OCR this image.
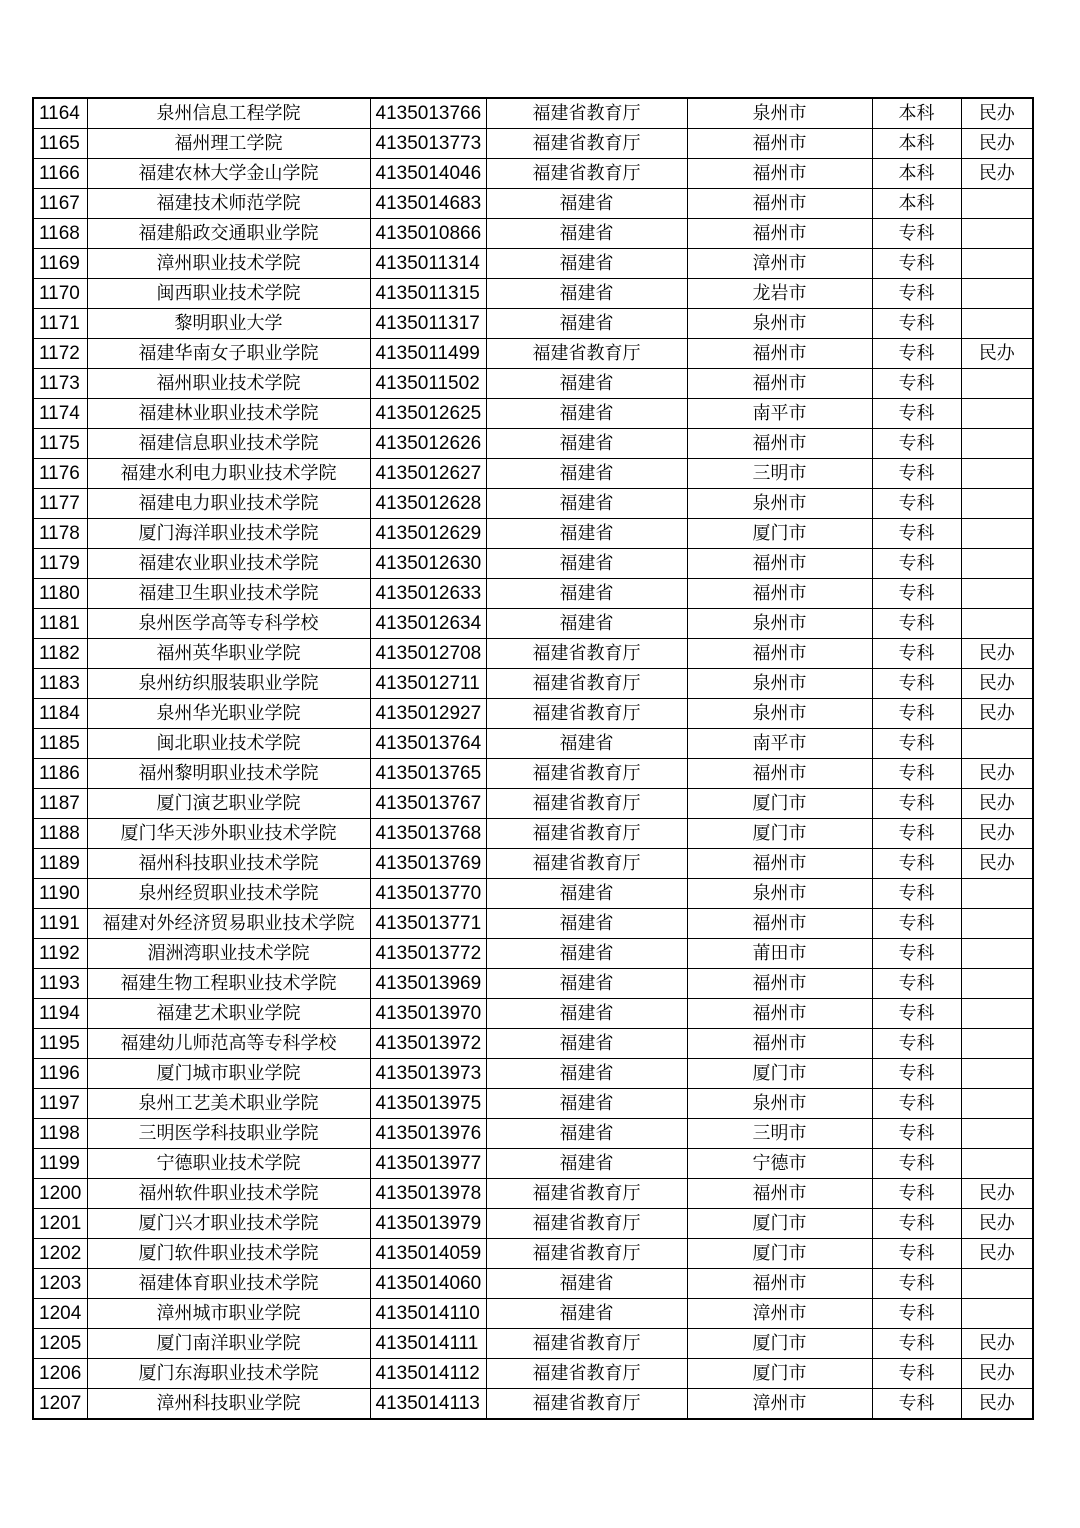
1164	泉州信息工程学院	4135013766	福建省教育厅	泉州市	本科	民办
1165	福州理工学院	4135013773	福建省教育厅	福州市	本科	民办
1166	福建农林大学金山学院	4135014046	福建省教育厅	福州市	本科	民办
1167	福建技术师范学院	4135014683	福建省	福州市	本科	
1168	福建船政交通职业学院	4135010866	福建省	福州市	专科	
1169	漳州职业技术学院	4135011314	福建省	漳州市	专科	
1170	闽西职业技术学院	4135011315	福建省	龙岩市	专科	
1171	黎明职业大学	4135011317	福建省	泉州市	专科	
1172	福建华南女子职业学院	4135011499	福建省教育厅	福州市	专科	民办
1173	福州职业技术学院	4135011502	福建省	福州市	专科	
1174	福建林业职业技术学院	4135012625	福建省	南平市	专科	
1175	福建信息职业技术学院	4135012626	福建省	福州市	专科	
1176	福建水利电力职业技术学院	4135012627	福建省	三明市	专科	
1177	福建电力职业技术学院	4135012628	福建省	泉州市	专科	
1178	厦门海洋职业技术学院	4135012629	福建省	厦门市	专科	
1179	福建农业职业技术学院	4135012630	福建省	福州市	专科	
1180	福建卫生职业技术学院	4135012633	福建省	福州市	专科	
1181	泉州医学高等专科学校	4135012634	福建省	泉州市	专科	
1182	福州英华职业学院	4135012708	福建省教育厅	福州市	专科	民办
1183	泉州纺织服装职业学院	4135012711	福建省教育厅	泉州市	专科	民办
1184	泉州华光职业学院	4135012927	福建省教育厅	泉州市	专科	民办
1185	闽北职业技术学院	4135013764	福建省	南平市	专科	
1186	福州黎明职业技术学院	4135013765	福建省教育厅	福州市	专科	民办
1187	厦门演艺职业学院	4135013767	福建省教育厅	厦门市	专科	民办
1188	厦门华天涉外职业技术学院	4135013768	福建省教育厅	厦门市	专科	民办
1189	福州科技职业技术学院	4135013769	福建省教育厅	福州市	专科	民办
1190	泉州经贸职业技术学院	4135013770	福建省	泉州市	专科	
1191	福建对外经济贸易职业技术学院	4135013771	福建省	福州市	专科	
1192	湄洲湾职业技术学院	4135013772	福建省	莆田市	专科	
1193	福建生物工程职业技术学院	4135013969	福建省	福州市	专科	
1194	福建艺术职业学院	4135013970	福建省	福州市	专科	
1195	福建幼儿师范高等专科学校	4135013972	福建省	福州市	专科	
1196	厦门城市职业学院	4135013973	福建省	厦门市	专科	
1197	泉州工艺美术职业学院	4135013975	福建省	泉州市	专科	
1198	三明医学科技职业学院	4135013976	福建省	三明市	专科	
1199	宁德职业技术学院	4135013977	福建省	宁德市	专科	
1200	福州软件职业技术学院	4135013978	福建省教育厅	福州市	专科	民办
1201	厦门兴才职业技术学院	4135013979	福建省教育厅	厦门市	专科	民办
1202	厦门软件职业技术学院	4135014059	福建省教育厅	厦门市	专科	民办
1203	福建体育职业技术学院	4135014060	福建省	福州市	专科	
1204	漳州城市职业学院	4135014110	福建省	漳州市	专科	
1205	厦门南洋职业学院	4135014111	福建省教育厅	厦门市	专科	民办
1206	厦门东海职业技术学院	4135014112	福建省教育厅	厦门市	专科	民办
1207	漳州科技职业学院	4135014113	福建省教育厅	漳州市	专科	民办
